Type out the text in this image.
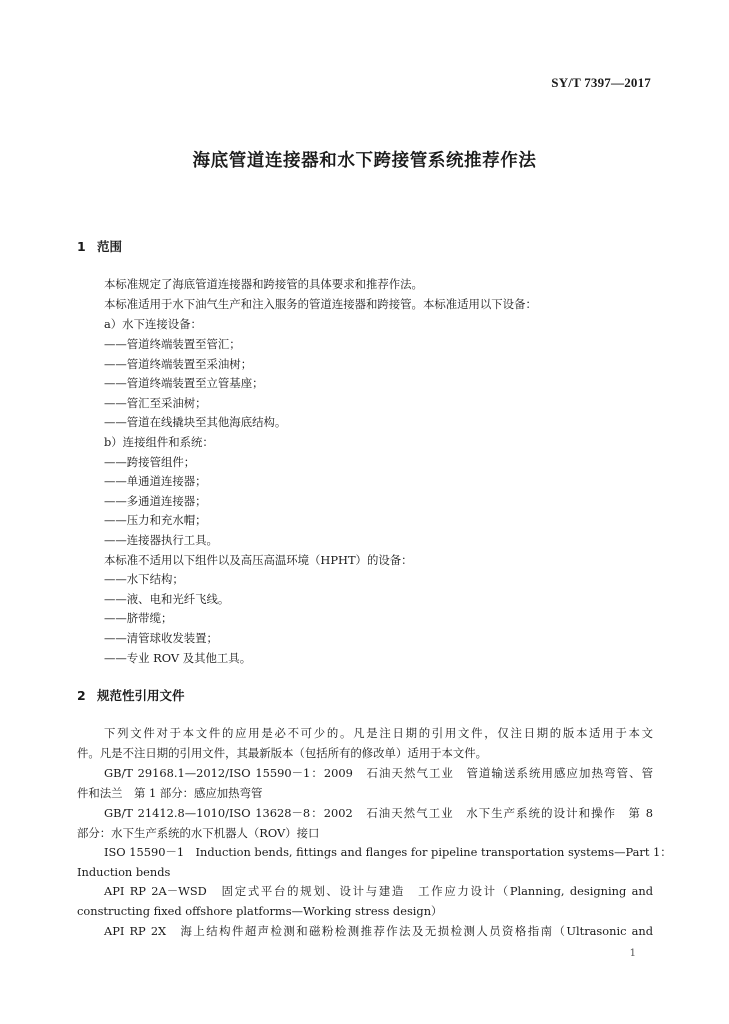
SY/T 7397—2017
海底管道连接器和水下跨接管系统推荐作法
1 范围
本标准规定了海底管道连接器和跨接管的具体要求和推荐作法。
本标准适用于水下油气生产和注入服务的管道连接器和跨接管。本标准适用以下设备：
a）水下连接设备：
——管道终端装置至管汇；
——管道终端装置至采油树；
——管道终端装置至立管基座；
——管汇至采油树；
——管道在线撬块至其他海底结构。
b）连接组件和系统：
——跨接管组件；
——单通道连接器；
——多通道连接器；
——压力和充水帽；
——连接器执行工具。
本标准不适用以下组件以及高压高温环境（HPHT）的设备：
——水下结构；
——液、电和光纤飞线。
——脐带缆；
——清管球收发装置；
——专业 ROV 及其他工具。
2 规范性引用文件
下列文件对于本文件的应用是必不可少的。凡是注日期的引用文件，仅注日期的版本适用于本文
件。凡是不注日期的引用文件，其最新版本（包括所有的修改单）适用于本文件。
GB/T 29168.1—2012/ISO 15590－1：2009　石油天然气工业　管道输送系统用感应加热弯管、管
件和法兰　第 1 部分：感应加热弯管
GB/T 21412.8—1010/ISO 13628－8：2002　石油天然气工业　水下生产系统的设计和操作　第 8
部分：水下生产系统的水下机器人（ROV）接口
ISO 15590－1　Induction bends, fittings and flanges for pipeline transportation systems—Part 1：
Induction bends
API RP 2A－WSD　固定式平台的规划、设计与建造　工作应力设计（Planning, designing and
constructing fixed offshore platforms—Working stress design）
API RP 2X　海上结构件超声检测和磁粉检测推荐作法及无损检测人员资格指南（Ultrasonic and
1
